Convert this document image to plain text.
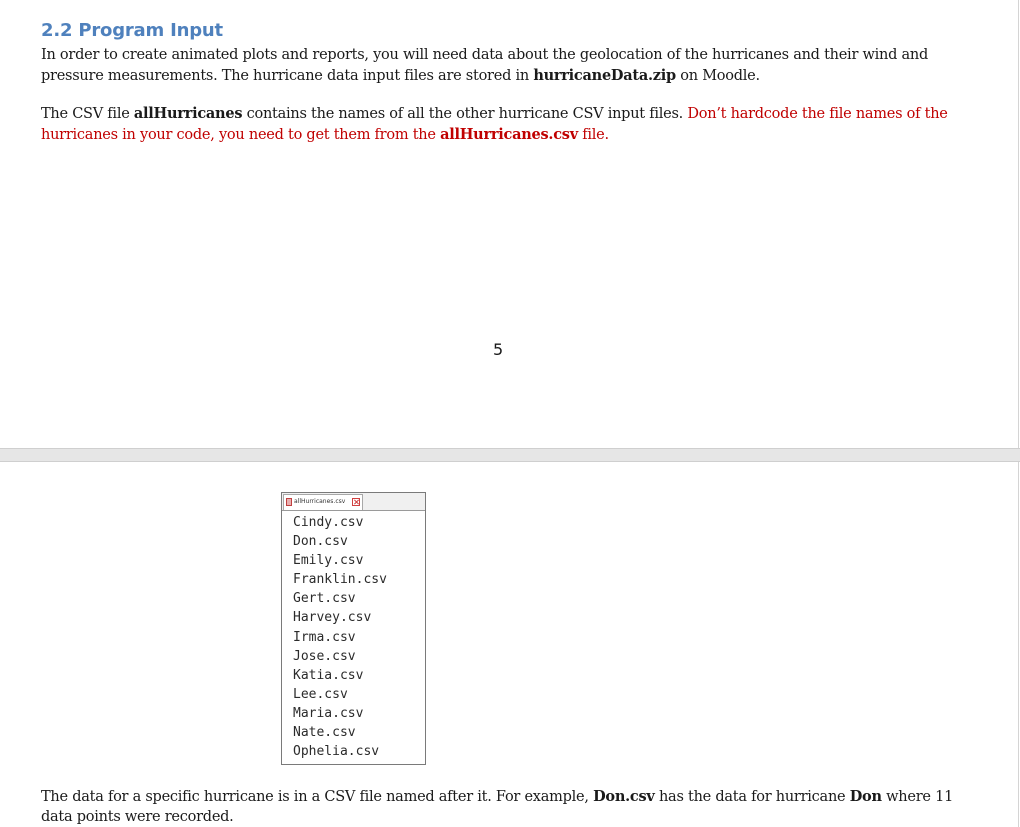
2.2 Program Input

In order to create animated plots and reports, you will need data about the geolocation of the hurricanes and their wind and
pressure measurements. The hurricane data input files are stored in hurricaneData.zip on Moodle.

The CSV file allHurricanes contains the names of all the other hurricane CSV input files. Don’t hardcode the file names of the hurricanes in your code, you need to get them from the allHurricanes.csv file.

5
allHurricanes.csv
Cindy.csv
Don.csv
Emily.csv
Franklin.csv
Gert.csv
Harvey.csv
Irma.csv
Jose.csv
Katia.csv
Lee.csv
Maria.csv
Nate.csv
Ophelia.csv

The data for a specific hurricane is in a CSV file named after it. For example, Don.csv has the data for hurricane Don where 11 data points were recorded.
